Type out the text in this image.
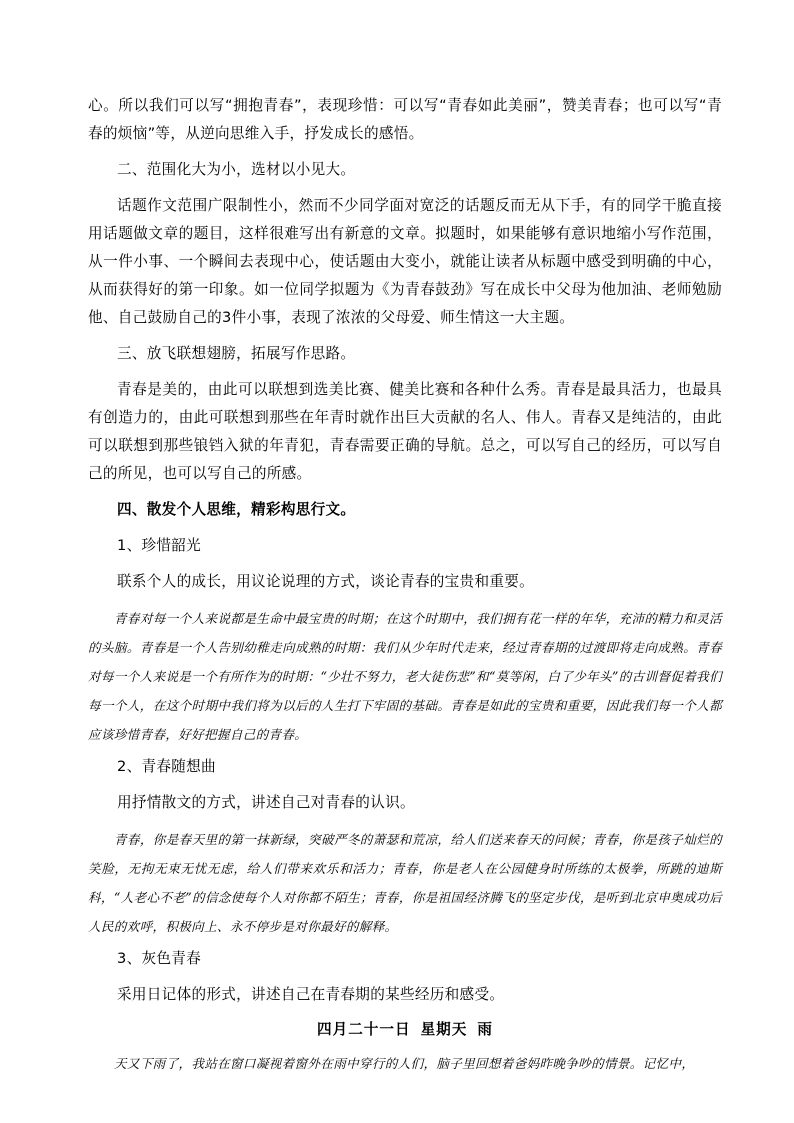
心。所以我们可以写“拥抱青春”，表现珍惜：可以写“青春如此美丽”，赞美青春；也可以写“青春的烦恼”等，从逆向思维入手，抒发成长的感悟。

二、范围化大为小，选材以小见大。

话题作文范围广限制性小，然而不少同学面对宽泛的话题反而无从下手，有的同学干脆直接用话题做文章的题目，这样很难写出有新意的文章。拟题时，如果能够有意识地缩小写作范围，从一件小事、一个瞬间去表现中心，使话题由大变小，就能让读者从标题中感受到明确的中心，从而获得好的第一印象。如一位同学拟题为《为青春鼓劲》写在成长中父母为他加油、老师勉励他、自己鼓励自己的3件小事，表现了浓浓的父母爱、师生情这一大主题。

三、放飞联想翅膀，拓展写作思路。

青春是美的，由此可以联想到选美比赛、健美比赛和各种什么秀。青春是最具活力，也最具有创造力的，由此可联想到那些在年青时就作出巨大贡献的名人、伟人。青春又是纯洁的，由此可以联想到那些锒铛入狱的年青犯，青春需要正确的导航。总之，可以写自己的经历，可以写自己的所见，也可以写自己的所感。

四、散发个人思维，精彩构思行文。

1、珍惜韶光

联系个人的成长，用议论说理的方式，谈论青春的宝贵和重要。

青春对每一个人来说都是生命中最宝贵的时期；在这个时期中，我们拥有花一样的年华，充沛的精力和灵活的头脑。青春是一个人告别幼稚走向成熟的时期：我们从少年时代走来，经过青春期的过渡即将走向成熟。青春对每一个人来说是一个有所作为的时期：“少壮不努力，老大徒伤悲”和“莫等闲，白了少年头”的古训督促着我们每一个人，在这个时期中我们将为以后的人生打下牢固的基础。青春是如此的宝贵和重要，因此我们每一个人都应该珍惜青春，好好把握自己的青春。

2、青春随想曲

用抒情散文的方式，讲述自己对青春的认识。

青春，你是春天里的第一抹新绿，突破严冬的萧瑟和荒凉，给人们送来春天的问候；青春，你是孩子灿烂的笑脸，无拘无束无忧无虑，给人们带来欢乐和活力；青春，你是老人在公园健身时所练的太极拳，所跳的迪斯科，“人老心不老”的信念使每个人对你都不陌生；青春，你是祖国经济腾飞的坚定步伐，是听到北京申奥成功后人民的欢呼，积极向上、永不停步是对你最好的解释。

3、灰色青春

采用日记体的形式，讲述自己在青春期的某些经历和感受。

四月二十一日 星期天 雨

天又下雨了，我站在窗口凝视着窗外在雨中穿行的人们，脑子里回想着爸妈昨晚争吵的情景。记忆中，
